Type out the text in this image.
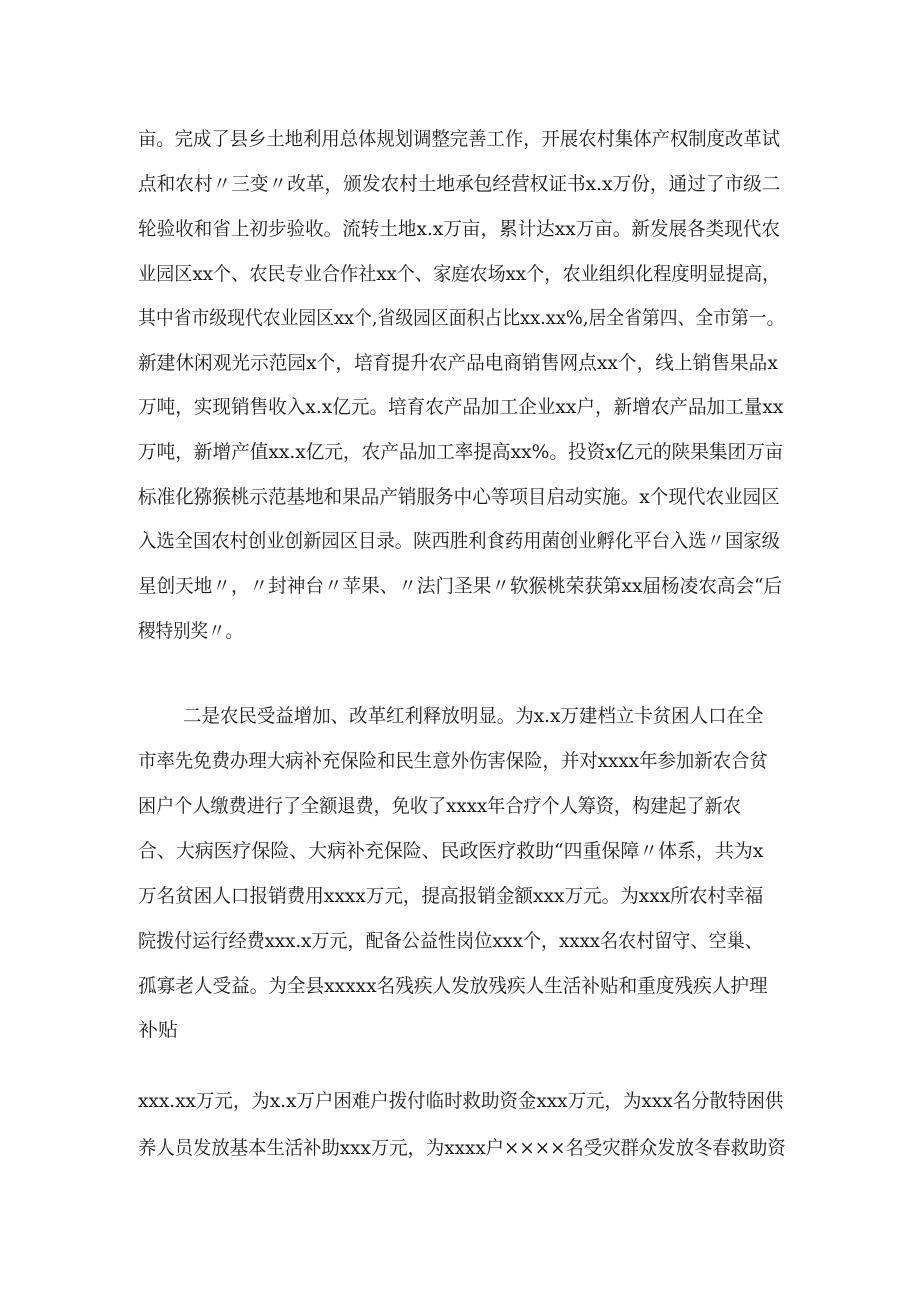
亩。完成了县乡土地利用总体规划调整完善工作，开展农村集体产权制度改革试
点和农村〃三变〃改革，颁发农村土地承包经营权证书x.x万份，通过了市级二
轮验收和省上初步验收。流转土地x.x万亩，累计达xx万亩。新发展各类现代农
业园区xx个、农民专业合作社xx个、家庭农场xx个，农业组织化程度明显提高，
其中省市级现代农业园区xx个,省级园区面积占比xx.xx%,居全省第四、全市第一。
新建休闲观光示范园x个，培育提升农产品电商销售网点xx个，线上销售果品x
万吨，实现销售收入x.x亿元。培育农产品加工企业xx户，新增农产品加工量xx
万吨，新增产值xx.x亿元，农产品加工率提高xx%。投资x亿元的陕果集团万亩
标准化猕猴桃示范基地和果品产销服务中心等项目启动实施。x个现代农业园区
入选全国农村创业创新园区目录。陕西胜利食药用菌创业孵化平台入选〃国家级
星创天地〃，〃封神台〃苹果、〃法门圣果〃软猴桃荣获第xx届杨凌农高会“后
稷特别奖〃。
二是农民受益增加、改革红利释放明显。为x.x万建档立卡贫困人口在全
市率先免费办理大病补充保险和民生意外伤害保险，并对xxxx年参加新农合贫
困户个人缴费进行了全额退费，免收了xxxx年合疗个人筹资，构建起了新农
合、大病医疗保险、大病补充保险、民政医疗救助“四重保障〃体系，共为x
万名贫困人口报销费用xxxx万元，提高报销金额xxx万元。为xxx所农村幸福
院拨付运行经费xxx.x万元，配备公益性岗位xxx个，xxxx名农村留守、空巢、
孤寡老人受益。为全县xxxxx名残疾人发放残疾人生活补贴和重度残疾人护理
补贴
xxx.xx万元，为x.x万户困难户拨付临时救助资金xxx万元，为xxx名分散特困供
养人员发放基本生活补助xxx万元，为xxxx户××××名受灾群众发放冬春救助资
